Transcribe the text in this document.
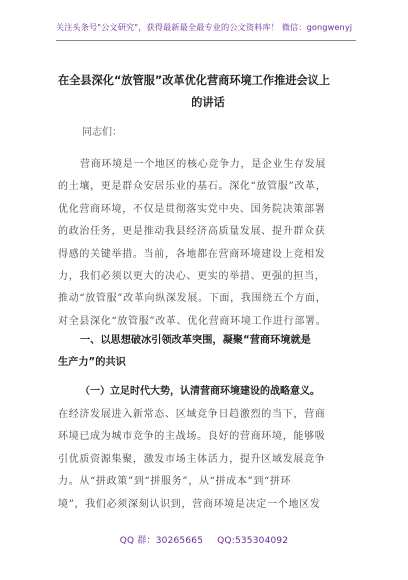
关注头条号"公文研究"，获得最新最全最专业的公文资料库！ 微信：gongwenyj
在全县深化“放管服”改革优化营商环境工作推进会议上
的讲话
同志们：
营商环境是一个地区的核心竞争力，是企业生存发展
的土壤，更是群众安居乐业的基石。深化“放管服”改革，
优化营商环境，不仅是贯彻落实党中央、国务院决策部署
的政治任务，更是推动我县经济高质量发展、提升群众获
得感的关键举措。当前，各地都在营商环境建设上竞相发
力，我们必须以更大的决心、更实的举措、更强的担当，
推动“放管服”改革向纵深发展。下面，我围绕五个方面，
对全县深化“放管服”改革、优化营商环境工作进行部署。
一、以思想破冰引领改革突围，凝聚“营商环境就是
生产力”的共识
（一）立足时代大势，认清营商环境建设的战略意义。
在经济发展进入新常态、区域竞争日趋激烈的当下，营商
环境已成为城市竞争的主战场。良好的营商环境，能够吸
引优质资源集聚，激发市场主体活力，提升区域发展竞争
力。从“拼政策”到“拼服务”，从“拼成本”到“拼环
境”，我们必须深刻认识到，营商环境是决定一个地区发
QQ 群：30265665 QQ:535304092
